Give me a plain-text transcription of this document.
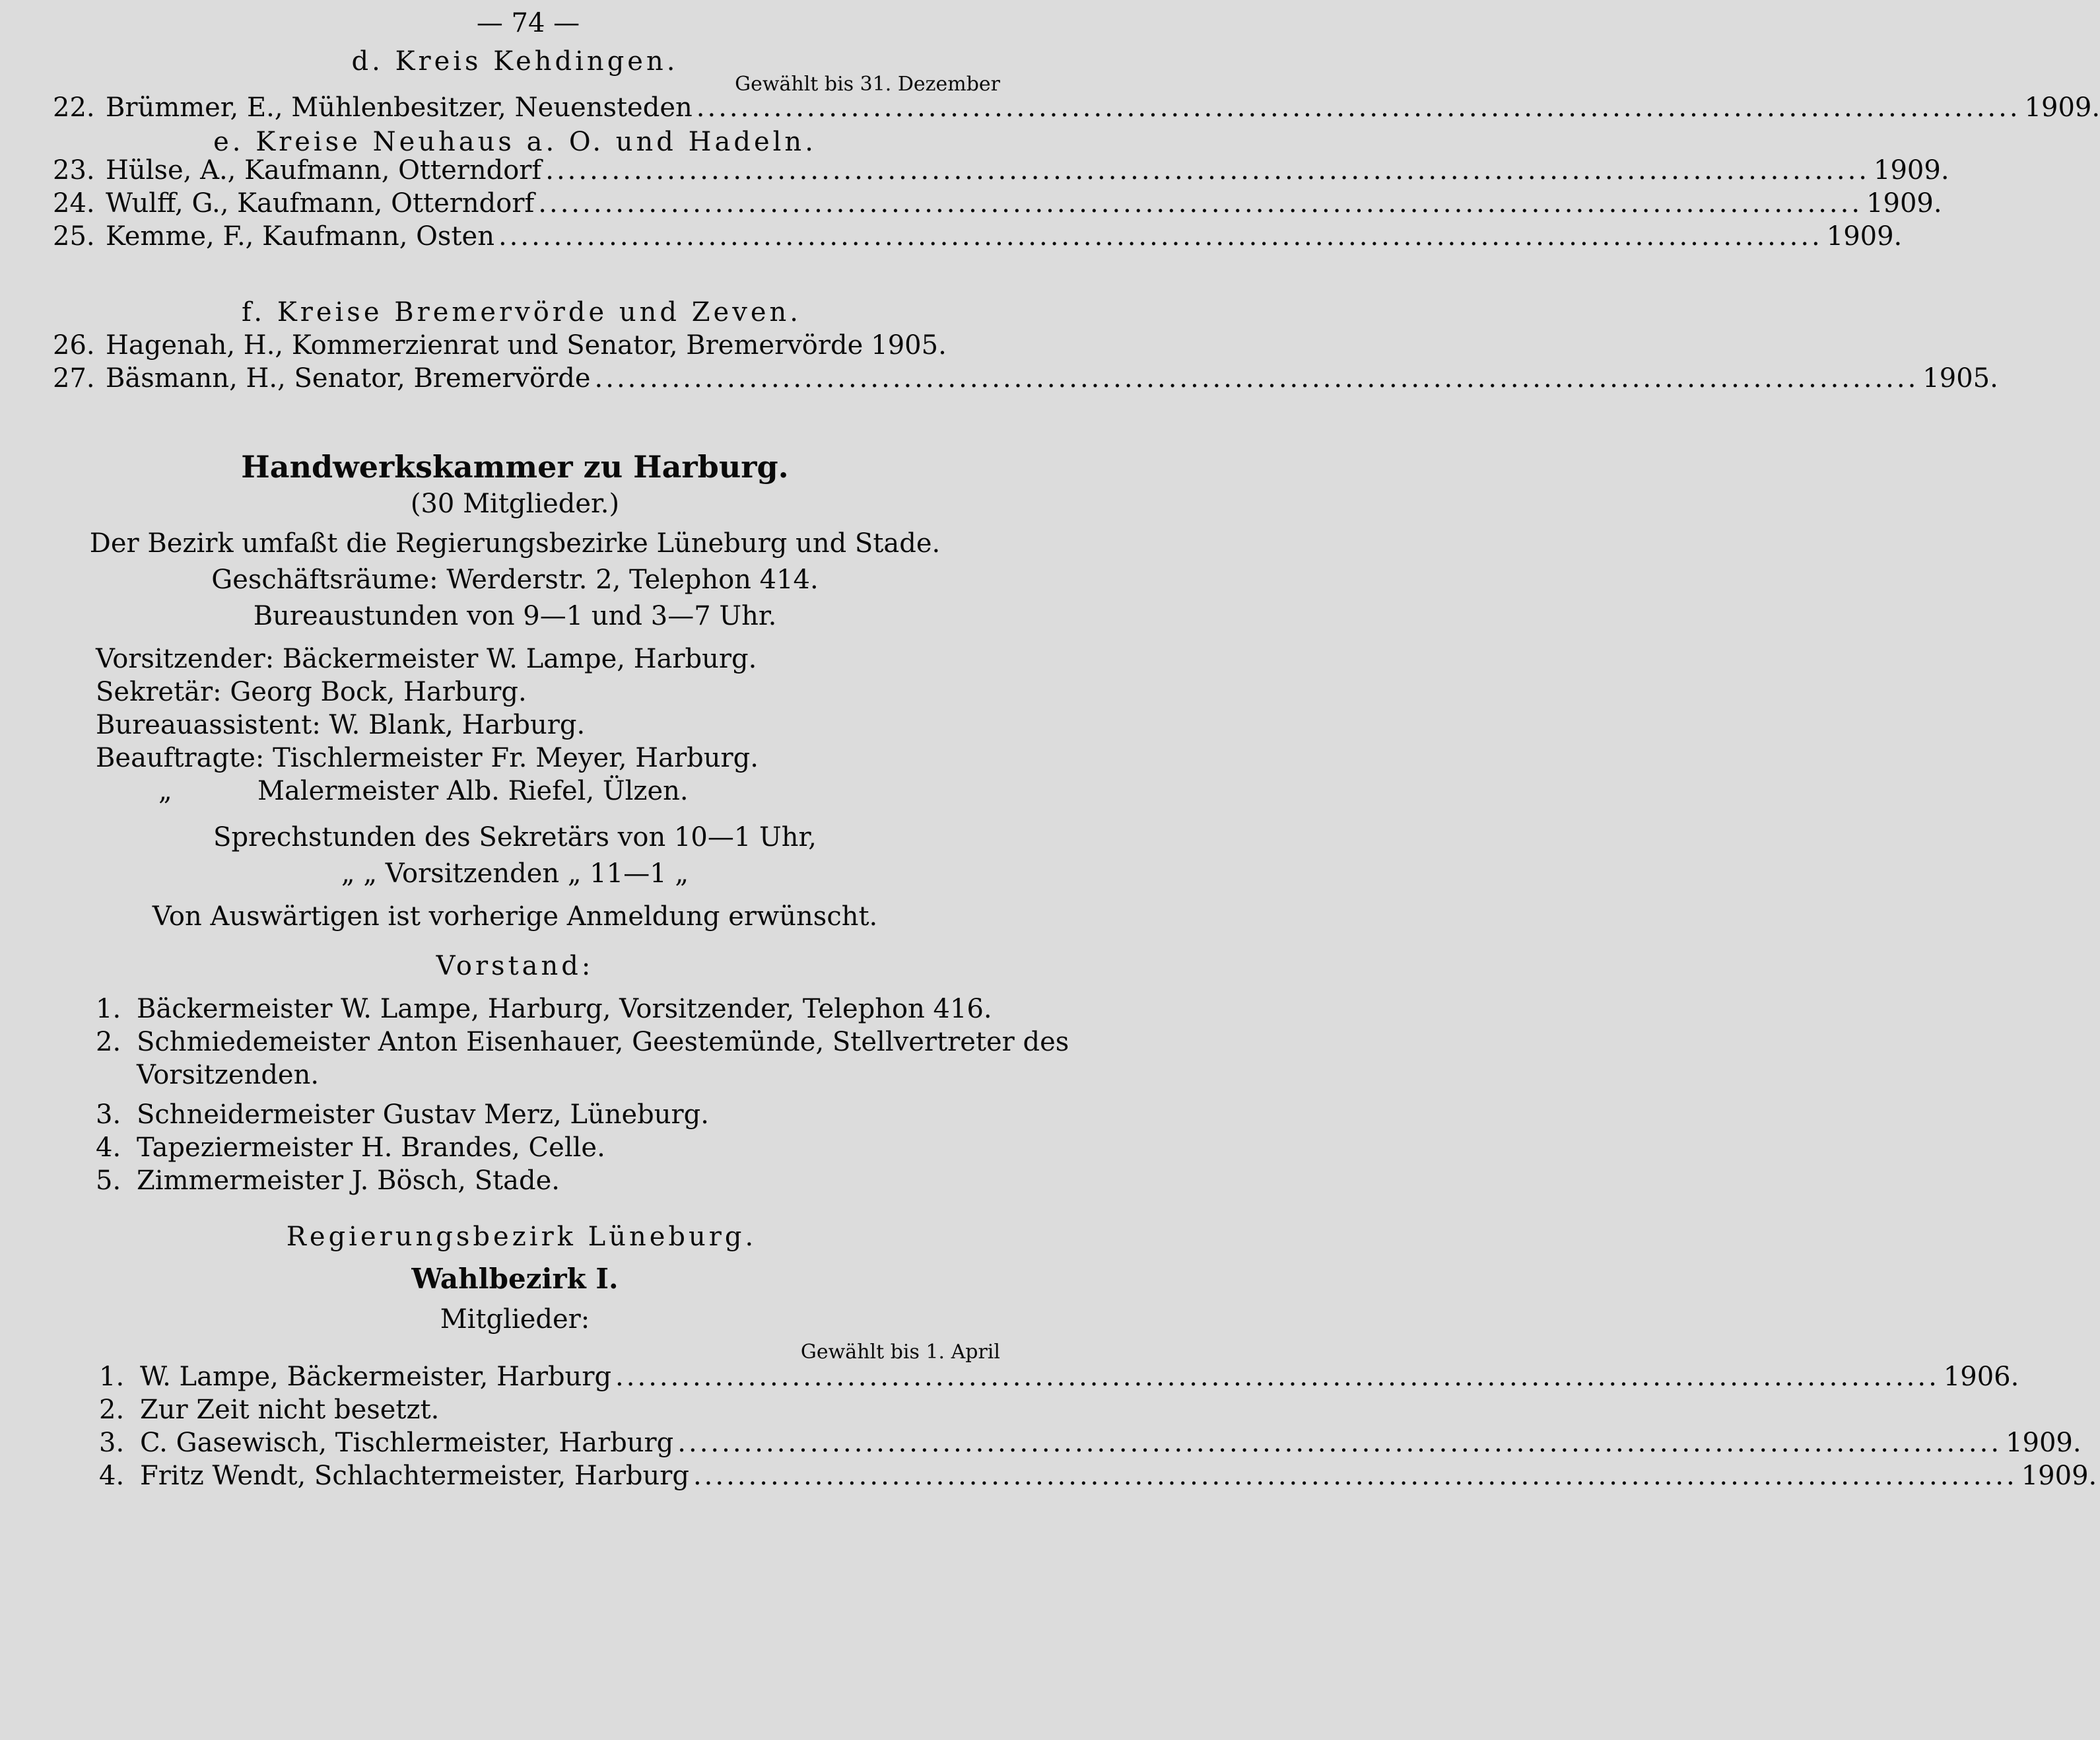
— 74 —
d. Kreis Kehdingen.
Gewählt bis 31. Dezember
22. Brümmer, E., Mühlenbesitzer, Neuensteden ........................................................................................................................ 1909.
e. Kreise Neuhaus a. O. und Hadeln.
23. Hülse, A., Kaufmann, Otterndorf ........................................................................................................................ 1909.
24. Wulff, G., Kaufmann, Otterndorf ........................................................................................................................ 1909.
25. Kemme, F., Kaufmann, Osten ........................................................................................................................ 1909.
f. Kreise Bremervörde und Zeven.
26. Hagenah, H., Kommerzienrat und Senator, Bremervörde 1905.
27. Bäsmann, H., Senator, Bremervörde ........................................................................................................................ 1905.
Handwerkskammer zu Harburg.
(30 Mitglieder.)
Der Bezirk umfaßt die Regierungsbezirke Lüneburg und Stade.
Geschäftsräume: Werderstr. 2, Telephon 414.
Bureaustunden von 9—1 und 3—7 Uhr.
Vorsitzender: Bäckermeister W. Lampe, Harburg.
Sekretär: Georg Bock, Harburg.
Bureauassistent: W. Blank, Harburg.
Beauftragte: Tischlermeister Fr. Meyer, Harburg.
„	Malermeister Alb. Riefel, Ülzen.
Sprechstunden des Sekretärs von 10—1 Uhr,
„ „ Vorsitzenden „ 11—1 „
Von Auswärtigen ist vorherige Anmeldung erwünscht.
Vorstand:
1. Bäckermeister W. Lampe, Harburg, Vorsitzender, Telephon 416.
2. Schmiedemeister Anton Eisenhauer, Geestemünde, Stellvertreter des
Vorsitzenden.
3. Schneidermeister Gustav Merz, Lüneburg.
4. Tapeziermeister H. Brandes, Celle.
5. Zimmermeister J. Bösch, Stade.
Regierungsbezirk Lüneburg.
Wahlbezirk I.
Mitglieder:
Gewählt bis 1. April
1. W. Lampe, Bäckermeister, Harburg ........................................................................................................................ 1906.
2. Zur Zeit nicht besetzt.
3. C. Gasewisch, Tischlermeister, Harburg ........................................................................................................................ 1909.
4. Fritz Wendt, Schlachtermeister, Harburg ........................................................................................................................ 1909.
